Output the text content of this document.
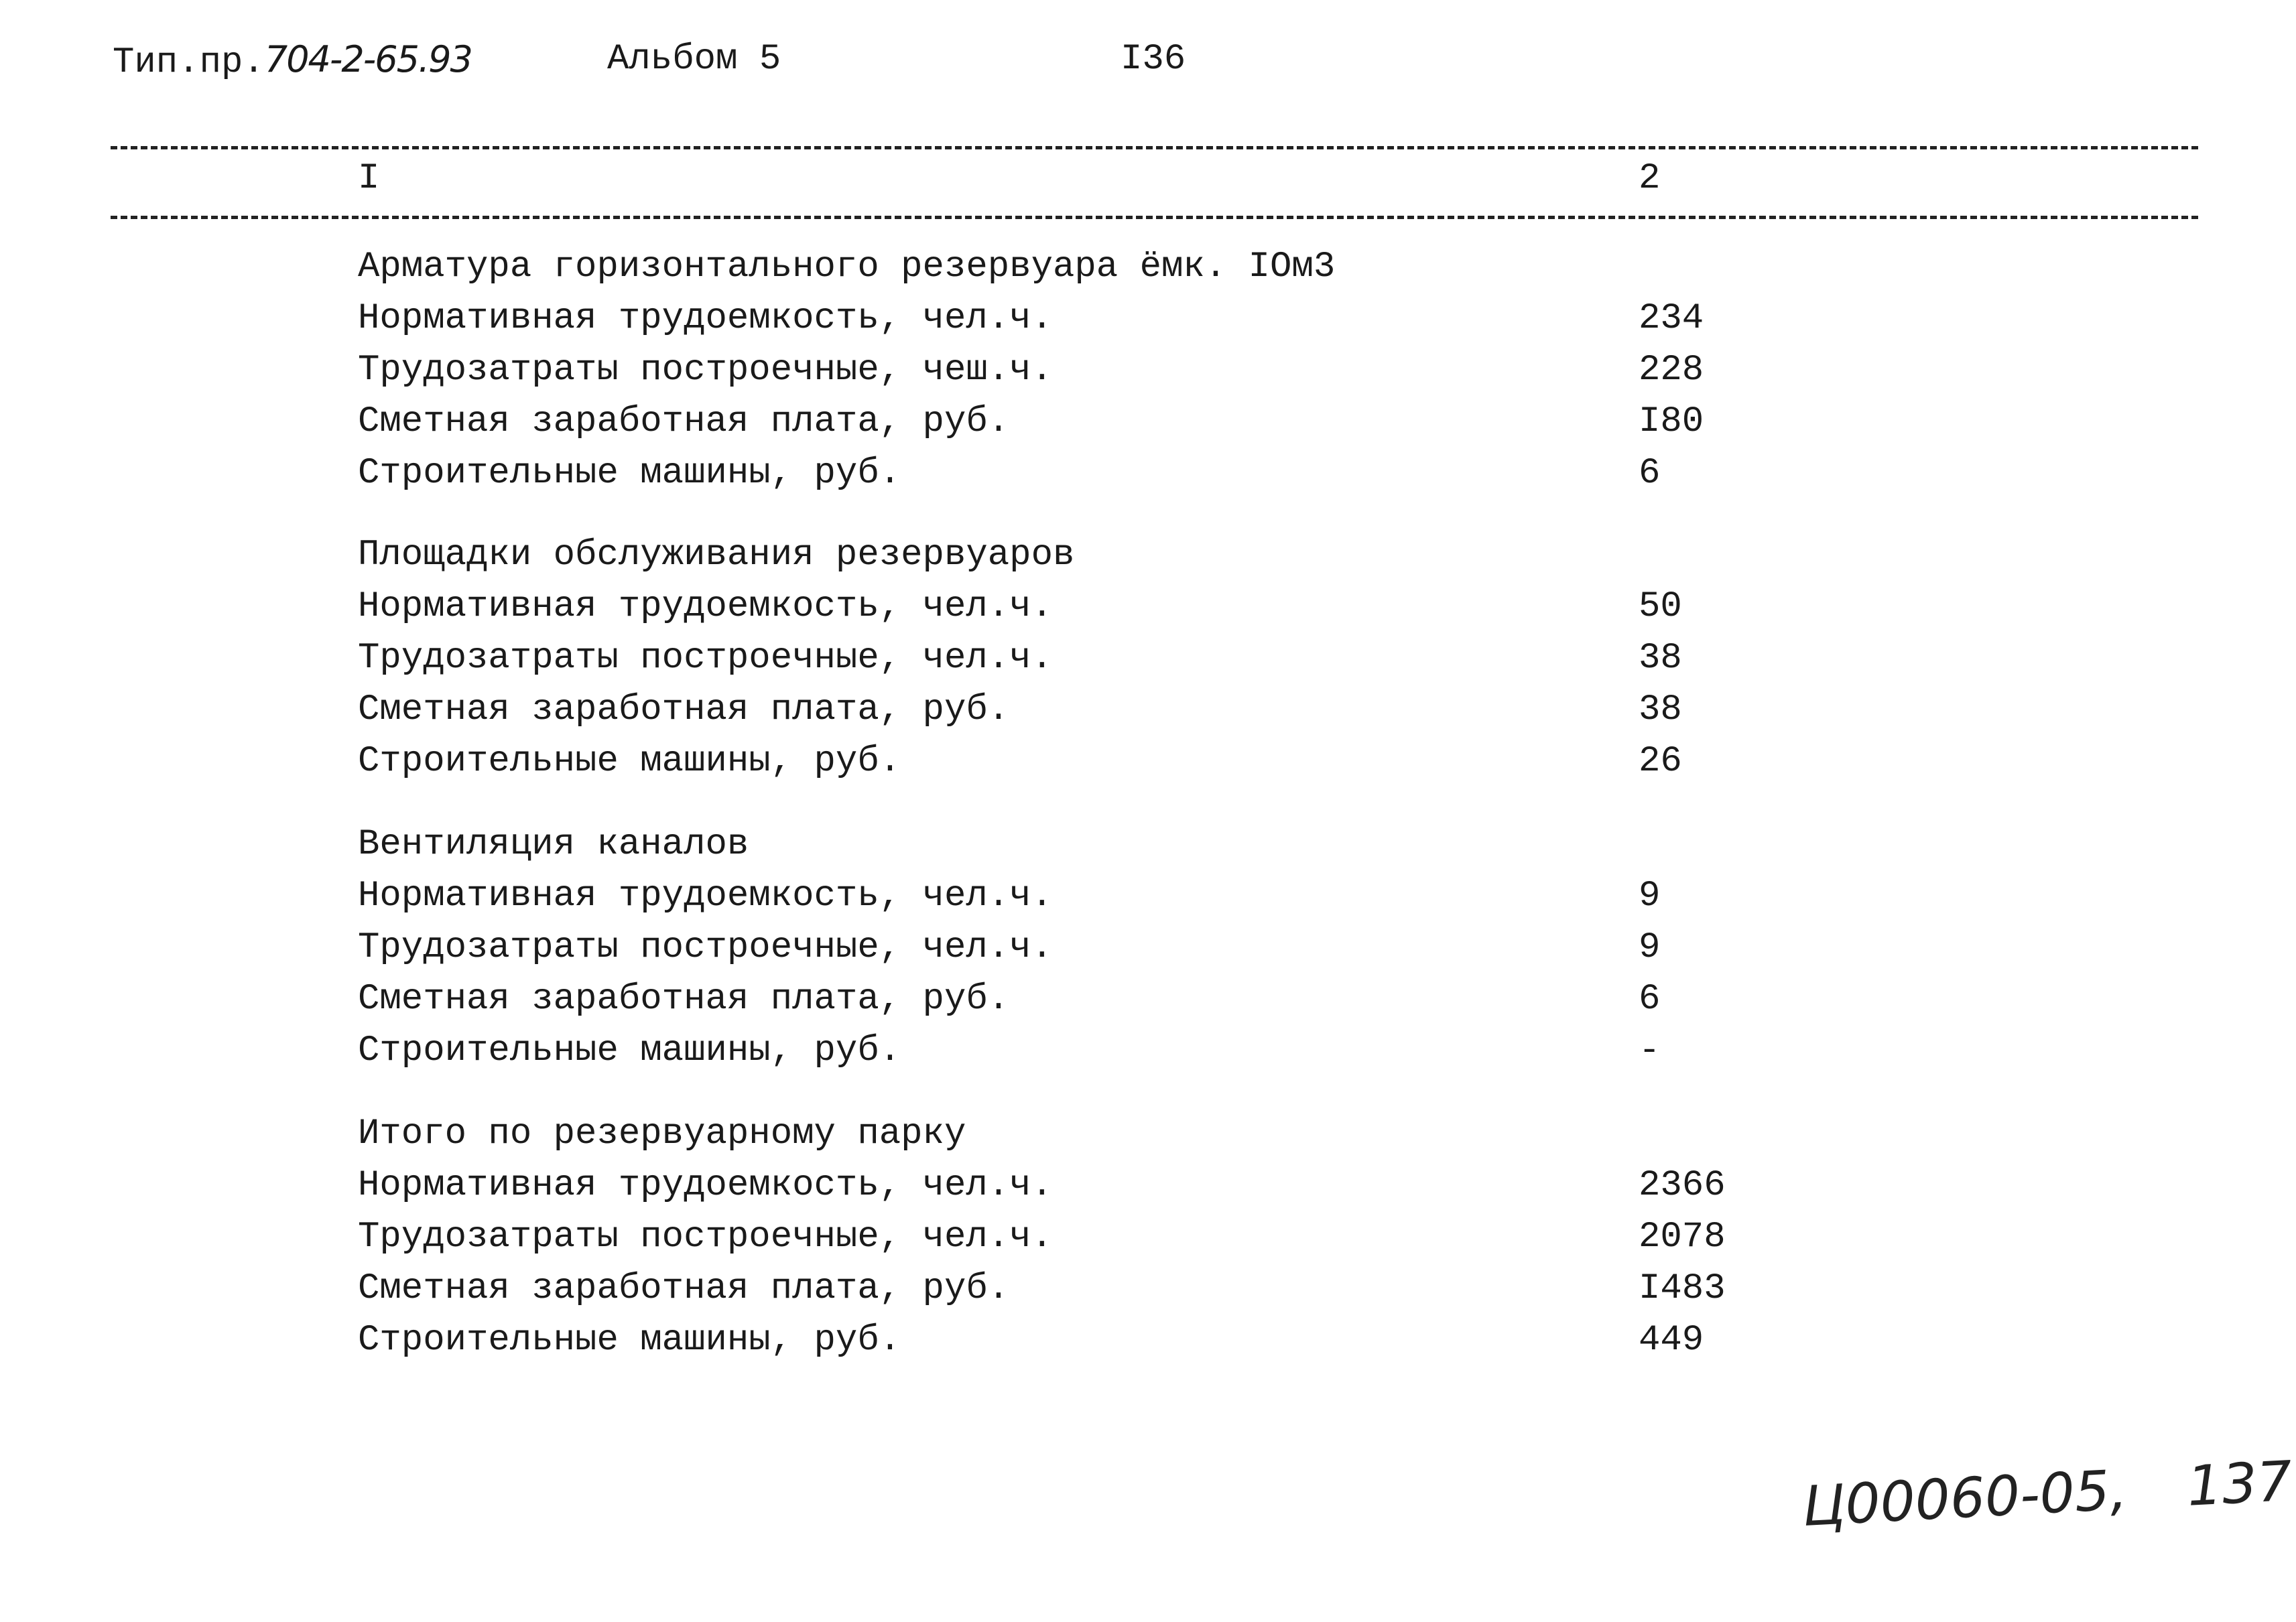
Тип.пр.704-2-65.93	Альбом 5	I36
I	2
Арматура горизонтального резервуара ёмк. IOм3
Нормативная трудоемкость, чел.ч.	234
Трудозатраты построечные, чеш.ч.	228
Сметная заработная плата, руб.	I80
Строительные машины, руб.	6
Площадки обслуживания резервуаров
Нормативная трудоемкость, чел.ч.	50
Трудозатраты построечные, чел.ч.	38
Сметная заработная плата, руб.	38
Строительные машины, руб.	26
Вентиляция каналов
Нормативная трудоемкость, чел.ч.	9
Трудозатраты построечные, чел.ч.	9
Сметная заработная плата, руб.	6
Строительные машины, руб.	-
Итого по резервуарному парку
Нормативная трудоемкость, чел.ч.	2366
Трудозатраты построечные, чел.ч.	2078
Сметная заработная плата, руб.	I483
Строительные машины, руб.	449
Ц00060-05, 137
